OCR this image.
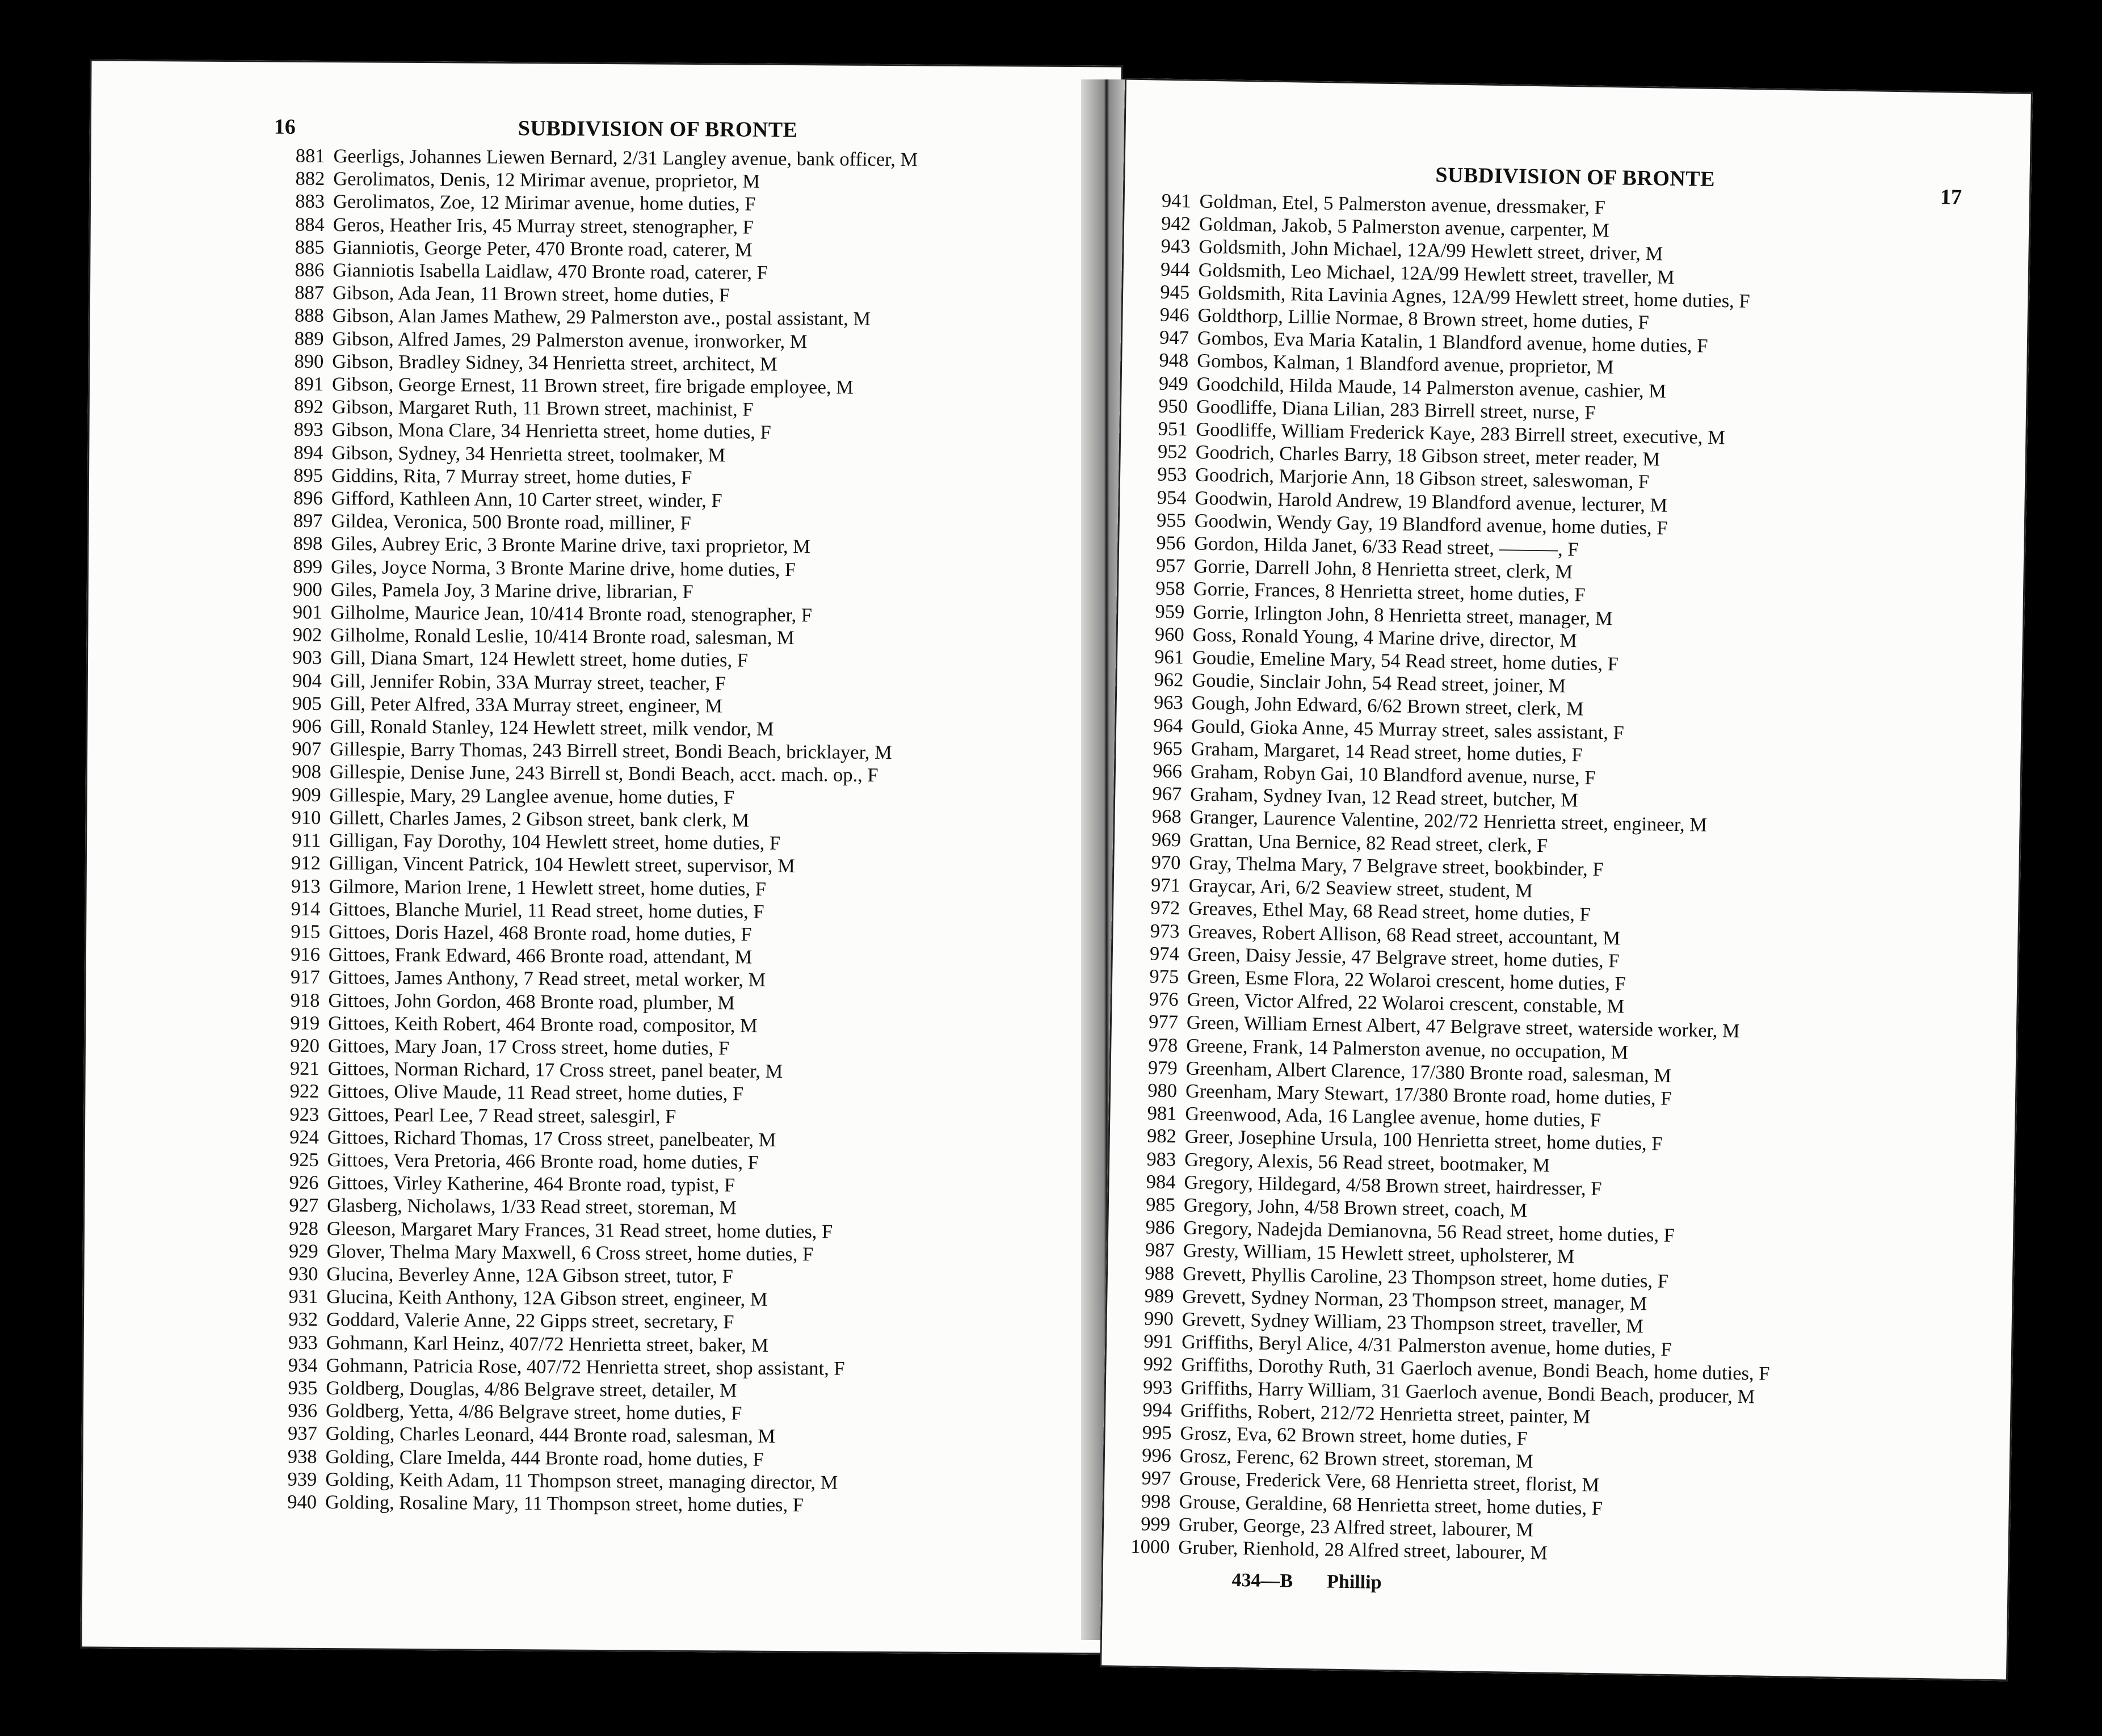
16	SUBDIVISION OF BRONTE
881 Geerligs, Johannes Liewen Bernard, 2/31 Langley avenue, bank officer, M
882 Gerolimatos, Denis, 12 Mirimar avenue, proprietor, M
883 Gerolimatos, Zoe, 12 Mirimar avenue, home duties, F
884 Geros, Heather Iris, 45 Murray street, stenographer, F
885 Gianniotis, George Peter, 470 Bronte road, caterer, M
886 Gianniotis Isabella Laidlaw, 470 Bronte road, caterer, F
887 Gibson, Ada Jean, 11 Brown street, home duties, F
888 Gibson, Alan James Mathew, 29 Palmerston ave., postal assistant, M
889 Gibson, Alfred James, 29 Palmerston avenue, ironworker, M
890 Gibson, Bradley Sidney, 34 Henrietta street, architect, M
891 Gibson, George Ernest, 11 Brown street, fire brigade employee, M
892 Gibson, Margaret Ruth, 11 Brown street, machinist, F
893 Gibson, Mona Clare, 34 Henrietta street, home duties, F
894 Gibson, Sydney, 34 Henrietta street, toolmaker, M
895 Giddins, Rita, 7 Murray street, home duties, F
896 Gifford, Kathleen Ann, 10 Carter street, winder, F
897 Gildea, Veronica, 500 Bronte road, milliner, F
898 Giles, Aubrey Eric, 3 Bronte Marine drive, taxi proprietor, M
899 Giles, Joyce Norma, 3 Bronte Marine drive, home duties, F
900 Giles, Pamela Joy, 3 Marine drive, librarian, F
901 Gilholme, Maurice Jean, 10/414 Bronte road, stenographer, F
902 Gilholme, Ronald Leslie, 10/414 Bronte road, salesman, M
903 Gill, Diana Smart, 124 Hewlett street, home duties, F
904 Gill, Jennifer Robin, 33A Murray street, teacher, F
905 Gill, Peter Alfred, 33A Murray street, engineer, M
906 Gill, Ronald Stanley, 124 Hewlett street, milk vendor, M
907 Gillespie, Barry Thomas, 243 Birrell street, Bondi Beach, bricklayer, M
908 Gillespie, Denise June, 243 Birrell st, Bondi Beach, acct. mach. op., F
909 Gillespie, Mary, 29 Langlee avenue, home duties, F
910 Gillett, Charles James, 2 Gibson street, bank clerk, M
911 Gilligan, Fay Dorothy, 104 Hewlett street, home duties, F
912 Gilligan, Vincent Patrick, 104 Hewlett street, supervisor, M
913 Gilmore, Marion Irene, 1 Hewlett street, home duties, F
914 Gittoes, Blanche Muriel, 11 Read street, home duties, F
915 Gittoes, Doris Hazel, 468 Bronte road, home duties, F
916 Gittoes, Frank Edward, 466 Bronte road, attendant, M
917 Gittoes, James Anthony, 7 Read street, metal worker, M
918 Gittoes, John Gordon, 468 Bronte road, plumber, M
919 Gittoes, Keith Robert, 464 Bronte road, compositor, M
920 Gittoes, Mary Joan, 17 Cross street, home duties, F
921 Gittoes, Norman Richard, 17 Cross street, panel beater, M
922 Gittoes, Olive Maude, 11 Read street, home duties, F
923 Gittoes, Pearl Lee, 7 Read street, salesgirl, F
924 Gittoes, Richard Thomas, 17 Cross street, panelbeater, M
925 Gittoes, Vera Pretoria, 466 Bronte road, home duties, F
926 Gittoes, Virley Katherine, 464 Bronte road, typist, F
927 Glasberg, Nicholaws, 1/33 Read street, storeman, M
928 Gleeson, Margaret Mary Frances, 31 Read street, home duties, F
929 Glover, Thelma Mary Maxwell, 6 Cross street, home duties, F
930 Glucina, Beverley Anne, 12A Gibson street, tutor, F
931 Glucina, Keith Anthony, 12A Gibson street, engineer, M
932 Goddard, Valerie Anne, 22 Gipps street, secretary, F
933 Gohmann, Karl Heinz, 407/72 Henrietta street, baker, M
934 Gohmann, Patricia Rose, 407/72 Henrietta street, shop assistant, F
935 Goldberg, Douglas, 4/86 Belgrave street, detailer, M
936 Goldberg, Yetta, 4/86 Belgrave street, home duties, F
937 Golding, Charles Leonard, 444 Bronte road, salesman, M
938 Golding, Clare Imelda, 444 Bronte road, home duties, F
939 Golding, Keith Adam, 11 Thompson street, managing director, M
940 Golding, Rosaline Mary, 11 Thompson street, home duties, F
SUBDIVISION OF BRONTE
17
941 Goldman, Etel, 5 Palmerston avenue, dressmaker, F
942 Goldman, Jakob, 5 Palmerston avenue, carpenter, M
943 Goldsmith, John Michael, 12A/99 Hewlett street, driver, M
944 Goldsmith, Leo Michael, 12A/99 Hewlett street, traveller, M
945 Goldsmith, Rita Lavinia Agnes, 12A/99 Hewlett street, home duties, F
946 Goldthorp, Lillie Normae, 8 Brown street, home duties, F
947 Gombos, Eva Maria Katalin, 1 Blandford avenue, home duties, F
948 Gombos, Kalman, 1 Blandford avenue, proprietor, M
949 Goodchild, Hilda Maude, 14 Palmerston avenue, cashier, M
950 Goodliffe, Diana Lilian, 283 Birrell street, nurse, F
951 Goodliffe, William Frederick Kaye, 283 Birrell street, executive, M
952 Goodrich, Charles Barry, 18 Gibson street, meter reader, M
953 Goodrich, Marjorie Ann, 18 Gibson street, saleswoman, F
954 Goodwin, Harold Andrew, 19 Blandford avenue, lecturer, M
955 Goodwin, Wendy Gay, 19 Blandford avenue, home duties, F
956 Gordon, Hilda Janet, 6/33 Read street, ———, F
957 Gorrie, Darrell John, 8 Henrietta street, clerk, M
958 Gorrie, Frances, 8 Henrietta street, home duties, F
959 Gorrie, Irlington John, 8 Henrietta street, manager, M
960 Goss, Ronald Young, 4 Marine drive, director, M
961 Goudie, Emeline Mary, 54 Read street, home duties, F
962 Goudie, Sinclair John, 54 Read street, joiner, M
963 Gough, John Edward, 6/62 Brown street, clerk, M
964 Gould, Gioka Anne, 45 Murray street, sales assistant, F
965 Graham, Margaret, 14 Read street, home duties, F
966 Graham, Robyn Gai, 10 Blandford avenue, nurse, F
967 Graham, Sydney Ivan, 12 Read street, butcher, M
968 Granger, Laurence Valentine, 202/72 Henrietta street, engineer, M
969 Grattan, Una Bernice, 82 Read street, clerk, F
970 Gray, Thelma Mary, 7 Belgrave street, bookbinder, F
971 Graycar, Ari, 6/2 Seaview street, student, M
972 Greaves, Ethel May, 68 Read street, home duties, F
973 Greaves, Robert Allison, 68 Read street, accountant, M
974 Green, Daisy Jessie, 47 Belgrave street, home duties, F
975 Green, Esme Flora, 22 Wolaroi crescent, home duties, F
976 Green, Victor Alfred, 22 Wolaroi crescent, constable, M
977 Green, William Ernest Albert, 47 Belgrave street, waterside worker, M
978 Greene, Frank, 14 Palmerston avenue, no occupation, M
979 Greenham, Albert Clarence, 17/380 Bronte road, salesman, M
980 Greenham, Mary Stewart, 17/380 Bronte road, home duties, F
981 Greenwood, Ada, 16 Langlee avenue, home duties, F
982 Greer, Josephine Ursula, 100 Henrietta street, home duties, F
983 Gregory, Alexis, 56 Read street, bootmaker, M
984 Gregory, Hildegard, 4/58 Brown street, hairdresser, F
985 Gregory, John, 4/58 Brown street, coach, M
986 Gregory, Nadejda Demianovna, 56 Read street, home duties, F
987 Gresty, William, 15 Hewlett street, upholsterer, M
988 Grevett, Phyllis Caroline, 23 Thompson street, home duties, F
989 Grevett, Sydney Norman, 23 Thompson street, manager, M
990 Grevett, Sydney William, 23 Thompson street, traveller, M
991 Griffiths, Beryl Alice, 4/31 Palmerston avenue, home duties, F
992 Griffiths, Dorothy Ruth, 31 Gaerloch avenue, Bondi Beach, home duties, F
993 Griffiths, Harry William, 31 Gaerloch avenue, Bondi Beach, producer, M
994 Griffiths, Robert, 212/72 Henrietta street, painter, M
995 Grosz, Eva, 62 Brown street, home duties, F
996 Grosz, Ferenc, 62 Brown street, storeman, M
997 Grouse, Frederick Vere, 68 Henrietta street, florist, M
998 Grouse, Geraldine, 68 Henrietta street, home duties, F
999 Gruber, George, 23 Alfred street, labourer, M
1000 Gruber, Rienhold, 28 Alfred street, labourer, M
434—B Phillip
